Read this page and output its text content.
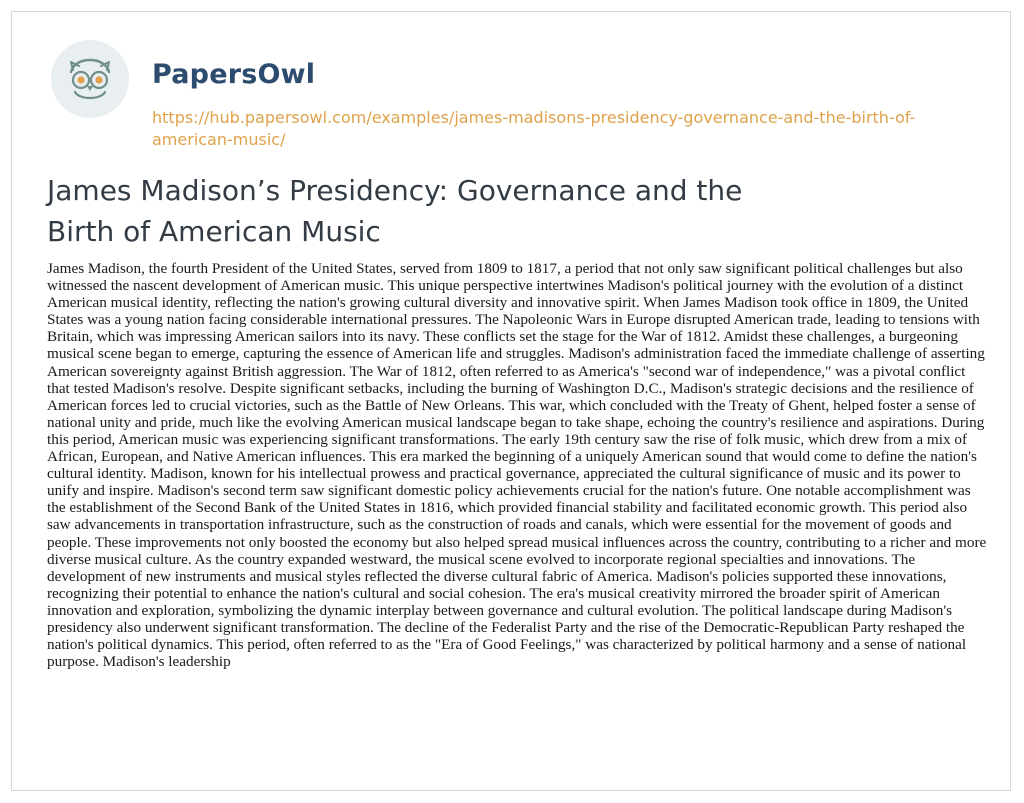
PapersOwl
https://hub.papersowl.com/examples/james-madisons-presidency-governance-and-the-birth-of-american-music/
James Madison’s Presidency: Governance and the Birth of American Music

James Madison, the fourth President of the United States, served from 1809 to 1817, a period that not only saw significant political challenges but also witnessed the nascent development of American music. This unique perspective intertwines Madison's political journey with the evolution of a distinct American musical identity, reflecting the nation's growing cultural diversity and innovative spirit. When James Madison took office in 1809, the United States was a young nation facing considerable international pressures. The Napoleonic Wars in Europe disrupted American trade, leading to tensions with Britain, which was impressing American sailors into its navy. These conflicts set the stage for the War of 1812. Amidst these challenges, a burgeoning musical scene began to emerge, capturing the essence of American life and struggles. Madison's administration faced the immediate challenge of asserting American sovereignty against British aggression. The War of 1812, often referred to as America's "second war of independence," was a pivotal conflict that tested Madison's resolve. Despite significant setbacks, including the burning of Washington D.C., Madison's strategic decisions and the resilience of American forces led to crucial victories, such as the Battle of New Orleans. This war, which concluded with the Treaty of Ghent, helped foster a sense of national unity and pride, much like the evolving American musical landscape began to take shape, echoing the country's resilience and aspirations. During this period, American music was experiencing significant transformations. The early 19th century saw the rise of folk music, which drew from a mix of African, European, and Native American influences. This era marked the beginning of a uniquely American sound that would come to define the nation's cultural identity. Madison, known for his intellectual prowess and practical governance, appreciated the cultural significance of music and its power to unify and inspire. Madison's second term saw significant domestic policy achievements crucial for the nation's future. One notable accomplishment was the establishment of the Second Bank of the United States in 1816, which provided financial stability and facilitated economic growth. This period also saw advancements in transportation infrastructure, such as the construction of roads and canals, which were essential for the movement of goods and people. These improvements not only boosted the economy but also helped spread musical influences across the country, contributing to a richer and more diverse musical culture. As the country expanded westward, the musical scene evolved to incorporate regional specialties and innovations. The development of new instruments and musical styles reflected the diverse cultural fabric of America. Madison's policies supported these innovations, recognizing their potential to enhance the nation's cultural and social cohesion. The era's musical creativity mirrored the broader spirit of American innovation and exploration, symbolizing the dynamic interplay between governance and cultural evolution. The political landscape during Madison's presidency also underwent significant transformation. The decline of the Federalist Party and the rise of the Democratic-Republican Party reshaped the nation's political dynamics. This period, often referred to as the "Era of Good Feelings," was characterized by political harmony and a sense of national purpose. Madison's leadership
